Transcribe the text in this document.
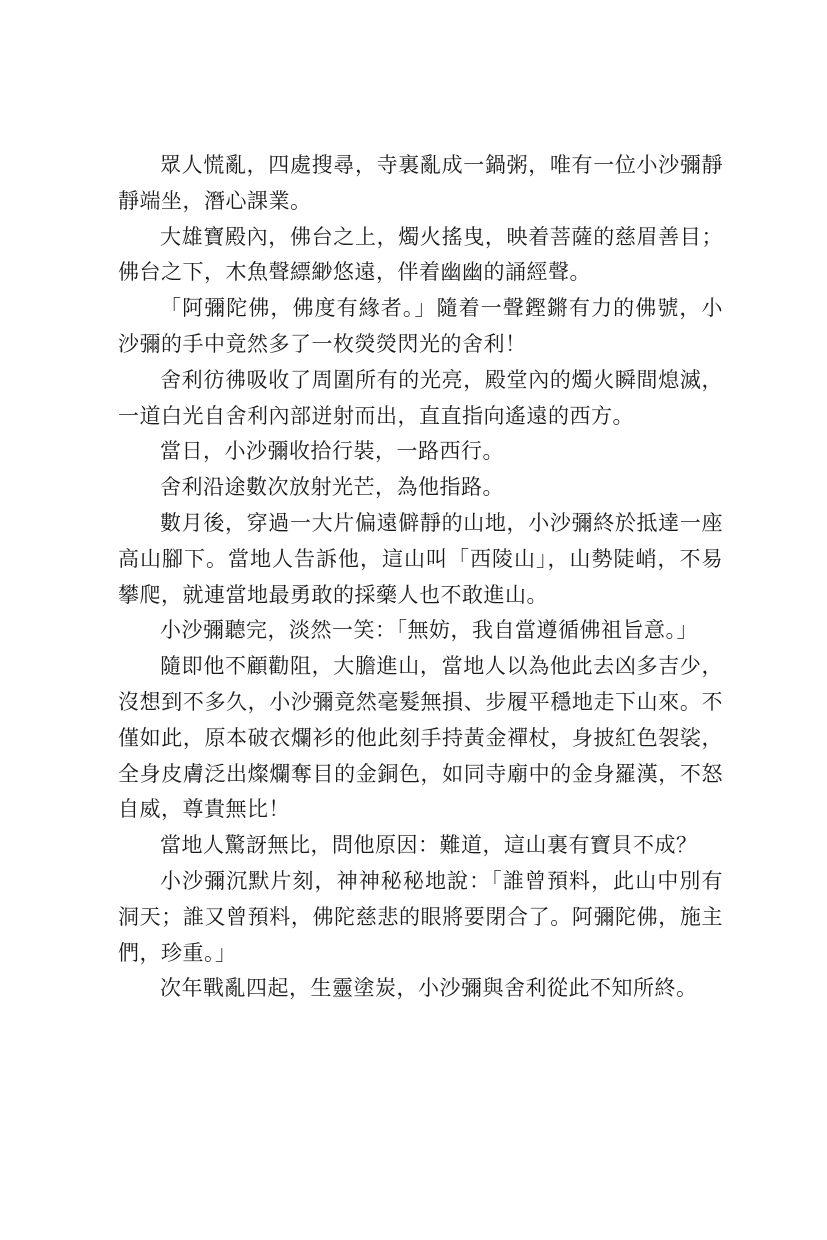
眾人慌亂，四處搜尋，寺裏亂成一鍋粥，唯有一位小沙彌靜靜端坐，潛心課業。

大雄寶殿內，佛台之上，燭火搖曳，映着菩薩的慈眉善目；佛台之下，木魚聲縹緲悠遠，伴着幽幽的誦經聲。

「阿彌陀佛，佛度有緣者。」隨着一聲鏗鏘有力的佛號，小沙彌的手中竟然多了一枚熒熒閃光的舍利！

舍利彷彿吸收了周圍所有的光亮，殿堂內的燭火瞬間熄滅，一道白光自舍利內部迸射而出，直直指向遙遠的西方。

當日，小沙彌收拾行裝，一路西行。

舍利沿途數次放射光芒，為他指路。

數月後，穿過一大片偏遠僻靜的山地，小沙彌終於抵達一座高山腳下。當地人告訴他，這山叫「西陵山」，山勢陡峭，不易攀爬，就連當地最勇敢的採藥人也不敢進山。

小沙彌聽完，淡然一笑：「無妨，我自當遵循佛祖旨意。」

隨即他不顧勸阻，大膽進山，當地人以為他此去凶多吉少，沒想到不多久，小沙彌竟然毫髮無損、步履平穩地走下山來。不僅如此，原本破衣爛衫的他此刻手持黃金禪杖，身披紅色袈裟，全身皮膚泛出燦爛奪目的金銅色，如同寺廟中的金身羅漢，不怒自威，尊貴無比！

當地人驚訝無比，問他原因：難道，這山裏有寶貝不成？

小沙彌沉默片刻，神神秘秘地說：「誰曾預料，此山中別有洞天；誰又曾預料，佛陀慈悲的眼將要閉合了。阿彌陀佛，施主們，珍重。」

次年戰亂四起，生靈塗炭，小沙彌與舍利從此不知所終。
